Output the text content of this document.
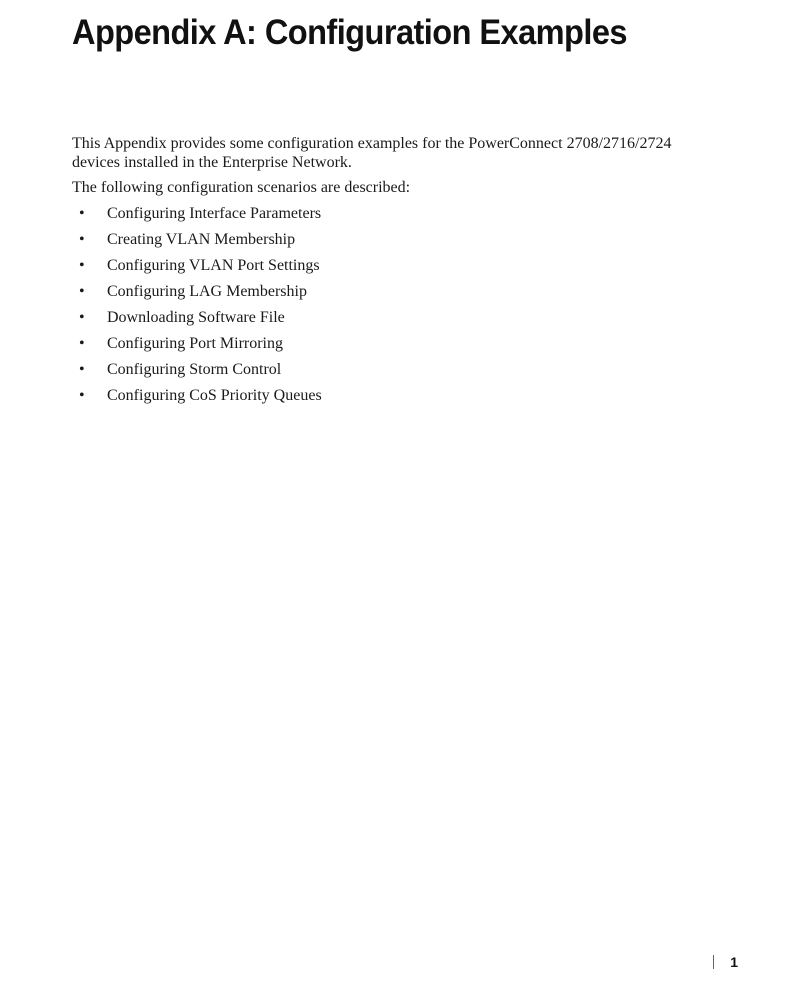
Appendix A: Configuration Examples

This Appendix provides some configuration examples for the PowerConnect 2708/2716/2724 devices installed in the Enterprise Network.

The following configuration scenarios are described:

• Configuring Interface Parameters
• Creating VLAN Membership
• Configuring VLAN Port Settings
• Configuring LAG Membership
• Downloading Software File
• Configuring Port Mirroring
• Configuring Storm Control
• Configuring CoS Priority Queues
1
